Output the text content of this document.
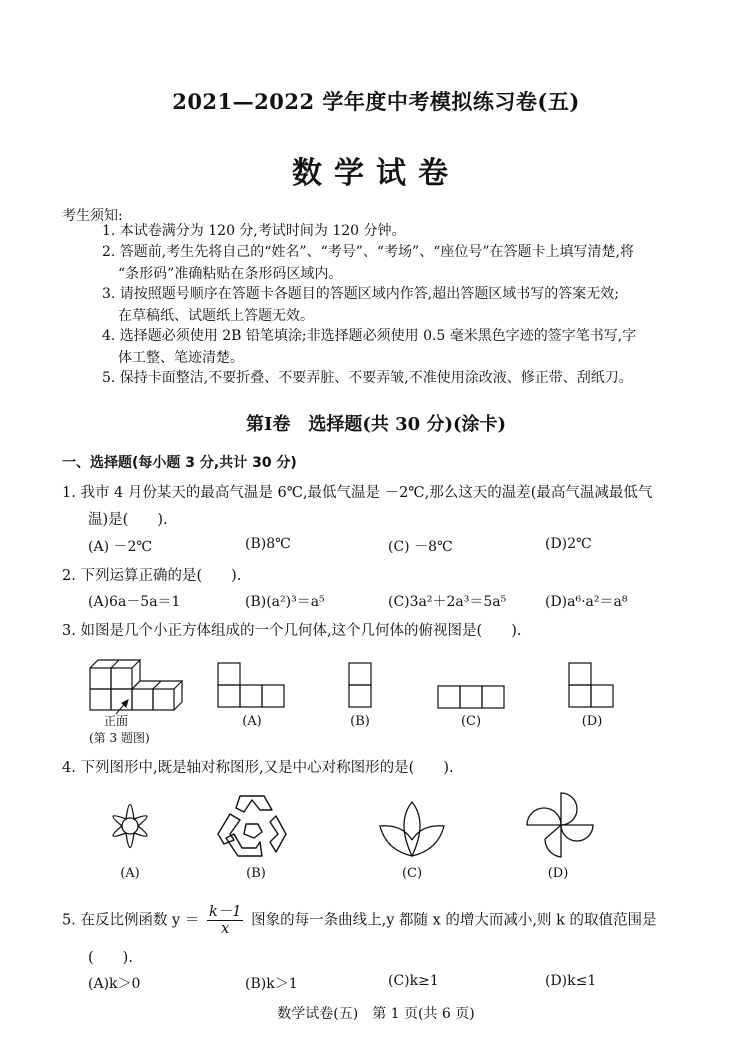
2021—2022 学年度中考模拟练习卷(五)
数学试卷
考生须知:
1. 本试卷满分为 120 分,考试时间为 120 分钟。
2. 答题前,考生先将自己的“姓名”、“考号”、“考场”、“座位号”在答题卡上填写清楚,将
“条形码”准确粘贴在条形码区域内。
3. 请按照题号顺序在答题卡各题目的答题区域内作答,超出答题区域书写的答案无效;
在草稿纸、试题纸上答题无效。
4. 选择题必须使用 2B 铅笔填涂;非选择题必须使用 0.5 毫米黑色字迹的签字笔书写,字
体工整、笔迹清楚。
5. 保持卡面整洁,不要折叠、不要弄脏、不要弄皱,不准使用涂改液、修正带、刮纸刀。
第Ⅰ卷　选择题(共 30 分)(涂卡)
一、选择题(每小题 3 分,共计 30 分)
1. 我市 4 月份某天的最高气温是 6℃,最低气温是 －2℃,那么这天的温差(最高气温减最低气
温)是(　　).
(A) －2℃	(B)8℃	(C) －8℃	(D)2℃
2. 下列运算正确的是(　　).
(A)6a－5a＝1	(B)(a²)³＝a⁵	(C)3a²＋2a³＝5a⁵	(D)a⁶·a²＝a⁸
3. 如图是几个小正方体组成的一个几何体,这个几何体的俯视图是(　　).
正面
(第 3 题图)
(A)	(B)	(C)	(D)
4. 下列图形中,既是轴对称图形,又是中心对称图形的是(　　).
(A)	(B)	(C)	(D)
5. 在反比例函数 $y = \frac{k-1}{x}$ 图象的每一条曲线上,y 都随 x 的增大而减小,则 k 的取值范围是
(　　).
(A)k＞0	(B)k＞1	(C)k≥1	(D)k≤1
数学试卷(五)　第 1 页(共 6 页)
